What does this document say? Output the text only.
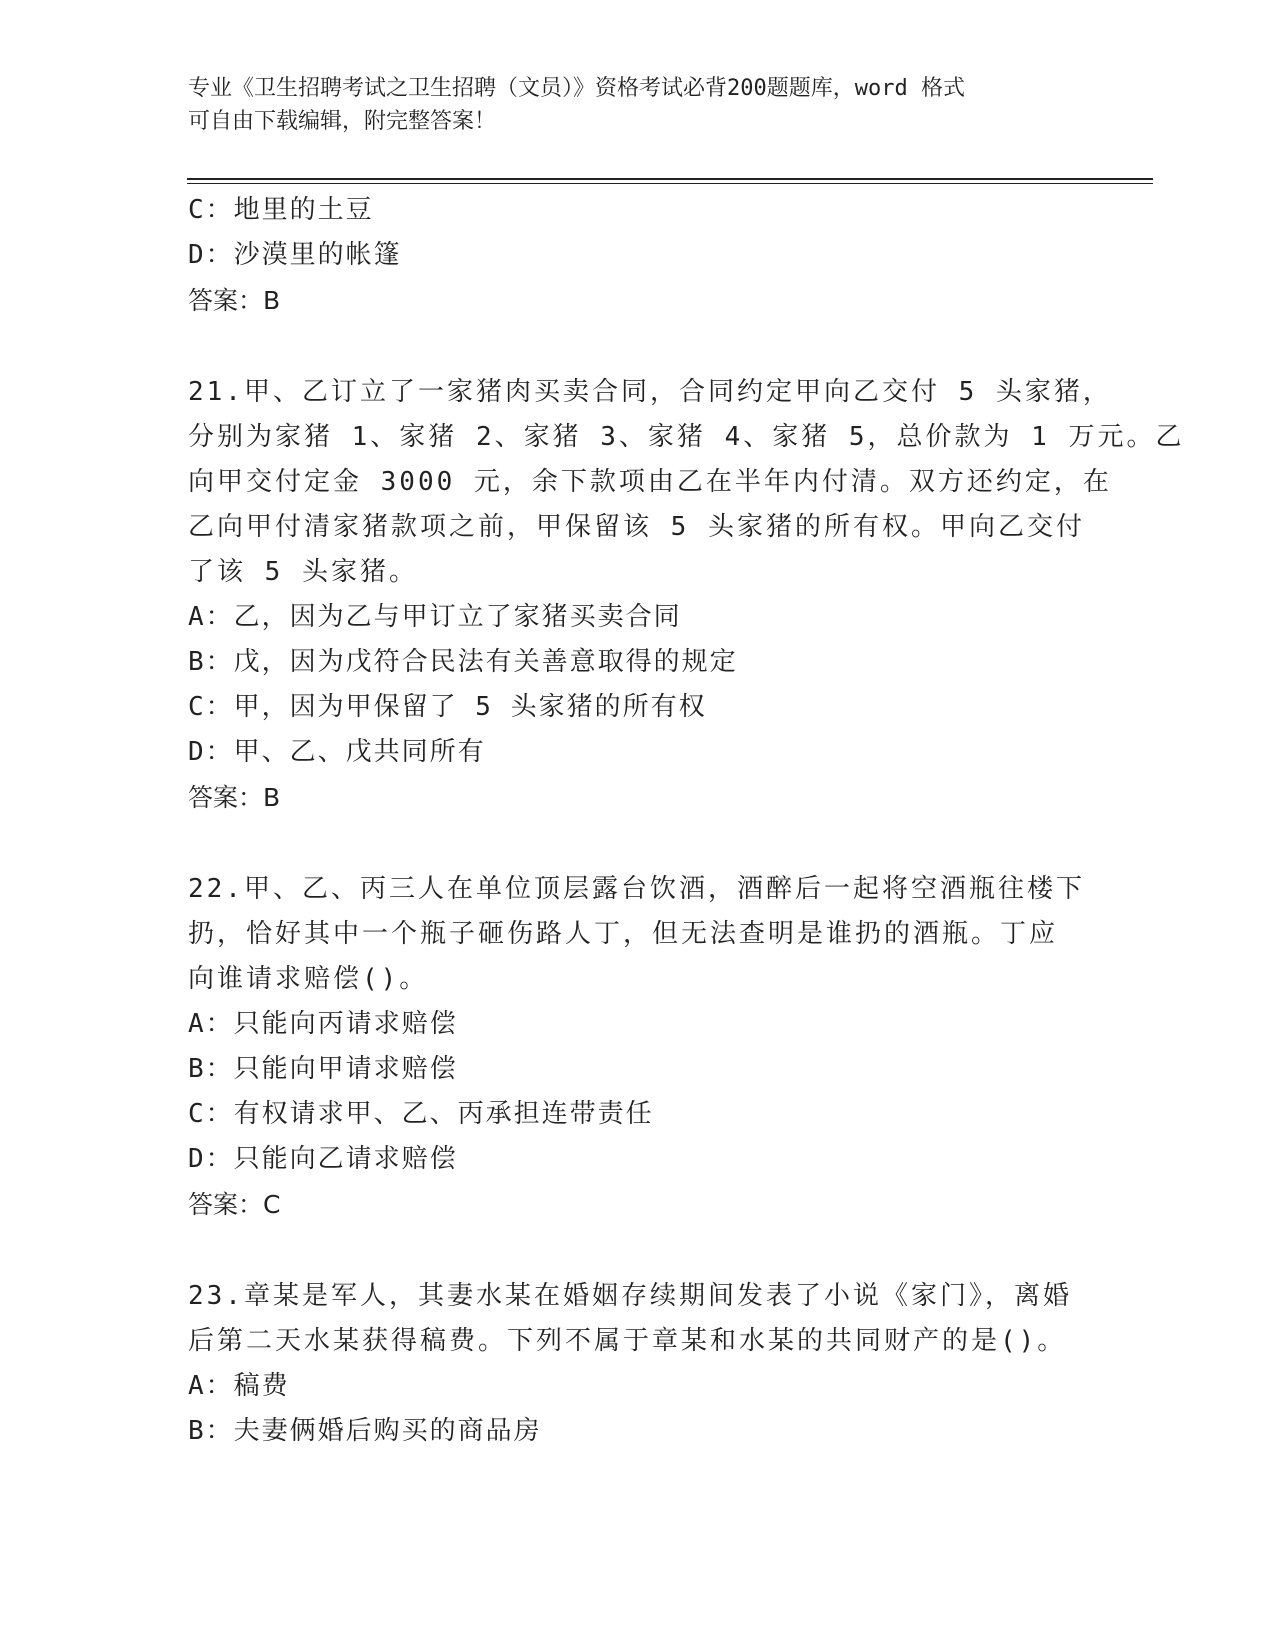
专业《卫生招聘考试之卫生招聘（文员）》资格考试必背200题题库，word 格式
可自由下载编辑，附完整答案！
C：地里的土豆
D：沙漠里的帐篷
答案：B
21.甲、乙订立了一家猪肉买卖合同，合同约定甲向乙交付 5 头家猪，
分别为家猪 1、家猪 2、家猪 3、家猪 4、家猪 5，总价款为 1 万元。乙
向甲交付定金 3000 元，余下款项由乙在半年内付清。双方还约定，在
乙向甲付清家猪款项之前，甲保留该 5 头家猪的所有权。甲向乙交付
了该 5 头家猪。
A：乙，因为乙与甲订立了家猪买卖合同
B：戊，因为戊符合民法有关善意取得的规定
C：甲，因为甲保留了 5 头家猪的所有权
D：甲、乙、戊共同所有
答案：B
22.甲、乙、丙三人在单位顶层露台饮酒，酒醉后一起将空酒瓶往楼下
扔，恰好其中一个瓶子砸伤路人丁，但无法查明是谁扔的酒瓶。丁应
向谁请求赔偿()。
A：只能向丙请求赔偿
B：只能向甲请求赔偿
C：有权请求甲、乙、丙承担连带责任
D：只能向乙请求赔偿
答案：C
23.章某是军人，其妻水某在婚姻存续期间发表了小说《家门》，离婚
后第二天水某获得稿费。下列不属于章某和水某的共同财产的是()。
A：稿费
B：夫妻俩婚后购买的商品房
